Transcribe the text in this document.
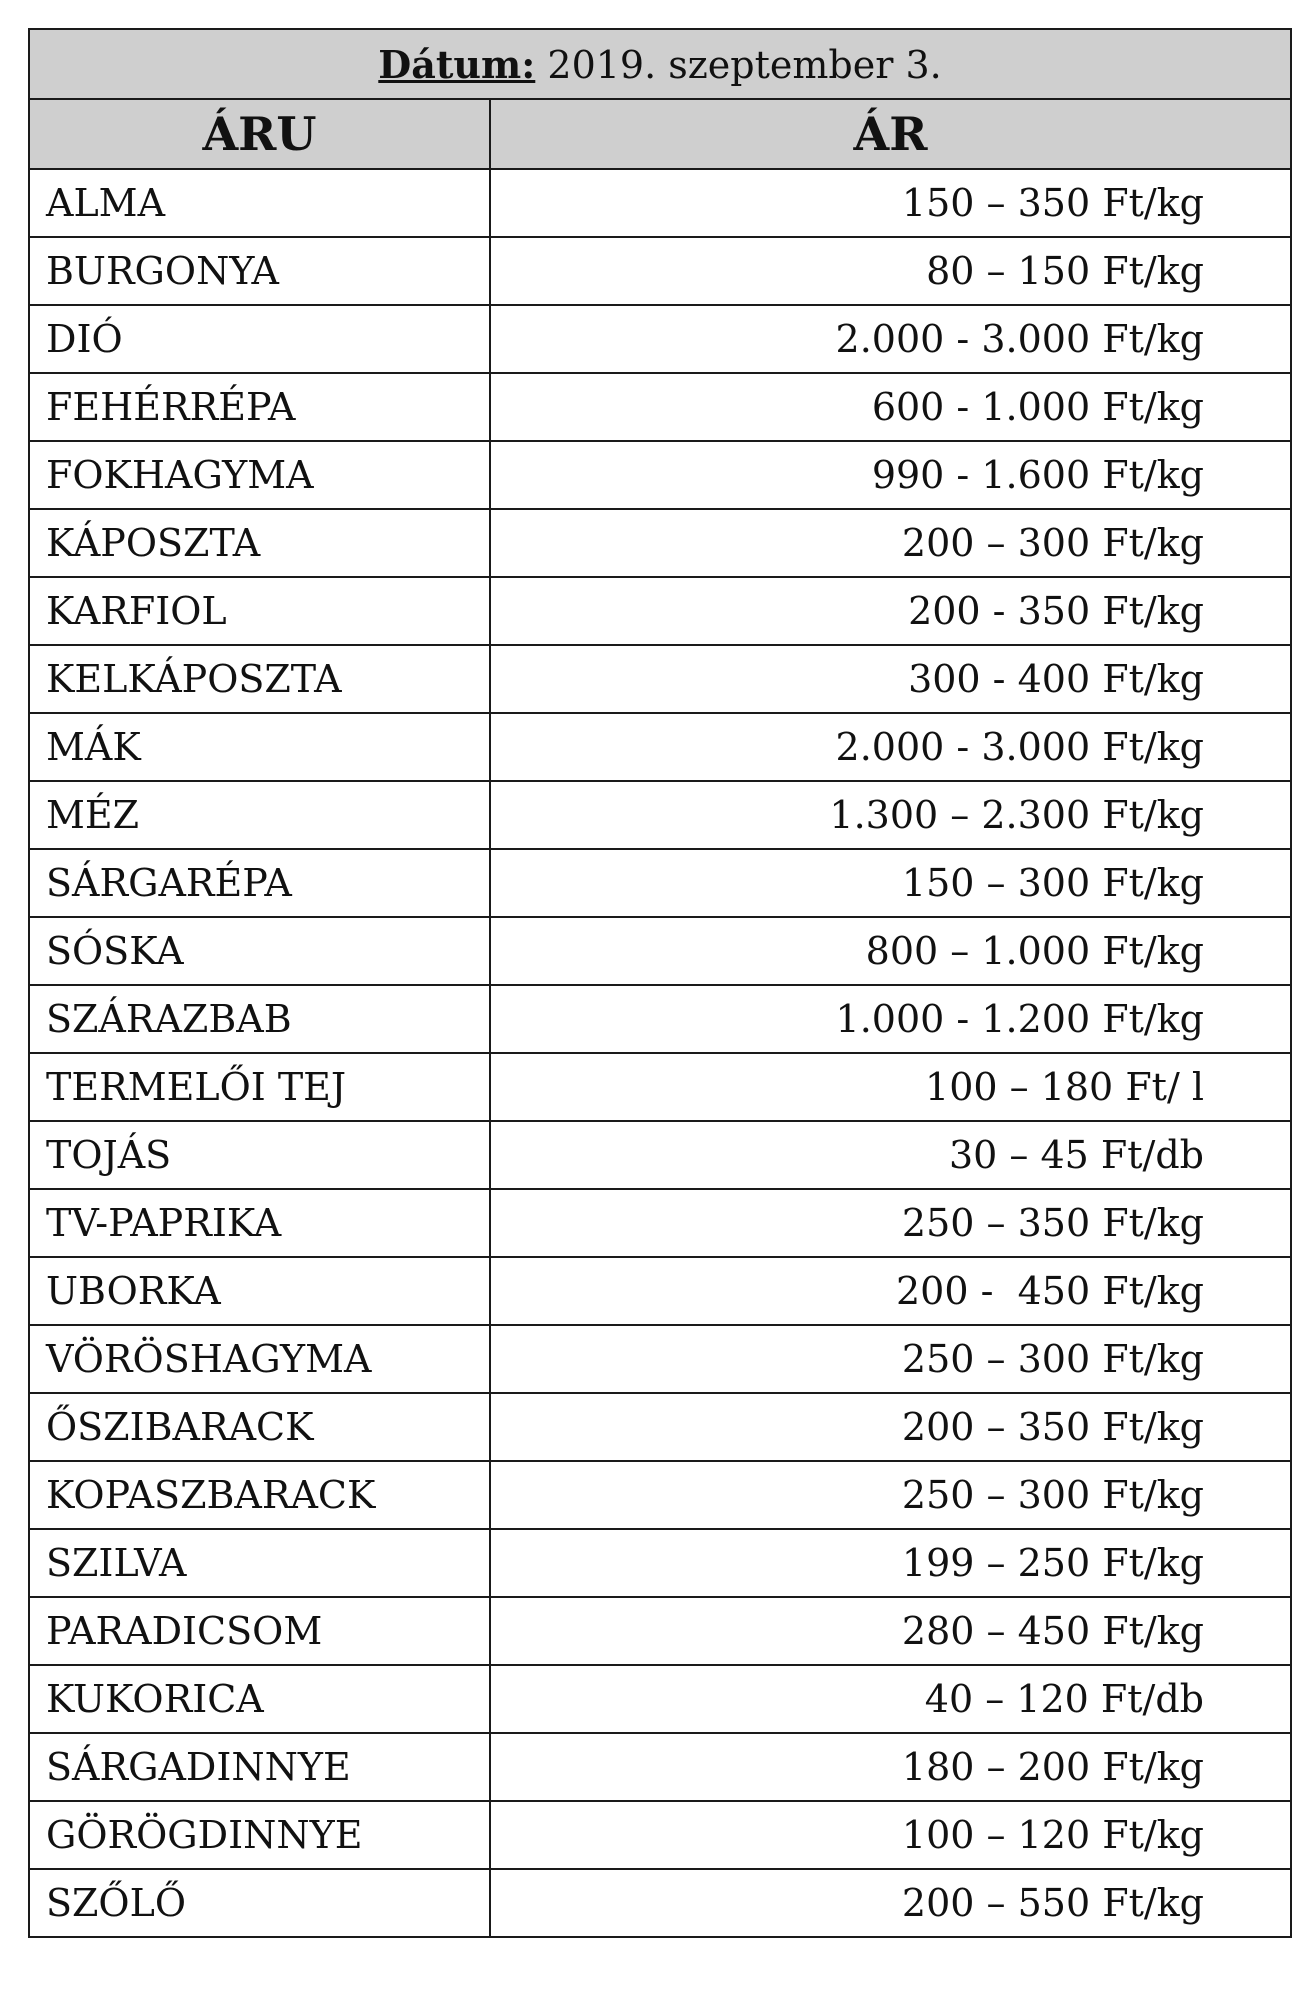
Dátum: 2019. szeptember 3.	
ÁRU	ÁR
ALMA	150 – 350 Ft/kg
BURGONYA	80 – 150 Ft/kg
DIÓ	2.000 - 3.000 Ft/kg
FEHÉRRÉPA	600 - 1.000 Ft/kg
FOKHAGYMA	990 - 1.600 Ft/kg
KÁPOSZTA	200 – 300 Ft/kg
KARFIOL	200 - 350 Ft/kg
KELKÁPOSZTA	300 - 400 Ft/kg
MÁK	2.000 - 3.000 Ft/kg
MÉZ	1.300 – 2.300 Ft/kg
SÁRGARÉPA	150 – 300 Ft/kg
SÓSKA	800 – 1.000 Ft/kg
SZÁRAZBAB	1.000 - 1.200 Ft/kg
TERMELŐI TEJ	100 – 180 Ft/ l
TOJÁS	30 – 45 Ft/db
TV-PAPRIKA	250 – 350 Ft/kg
UBORKA	200 -  450 Ft/kg
VÖRÖSHAGYMA	250 – 300 Ft/kg
ŐSZIBARACK	200 – 350 Ft/kg
KOPASZBARACK	250 – 300 Ft/kg
SZILVA	199 – 250 Ft/kg
PARADICSOM	280 – 450 Ft/kg
KUKORICA	40 – 120 Ft/db
SÁRGADINNYE	180 – 200 Ft/kg
GÖRÖGDINNYE	100 – 120 Ft/kg
SZŐLŐ	200 – 550 Ft/kg
